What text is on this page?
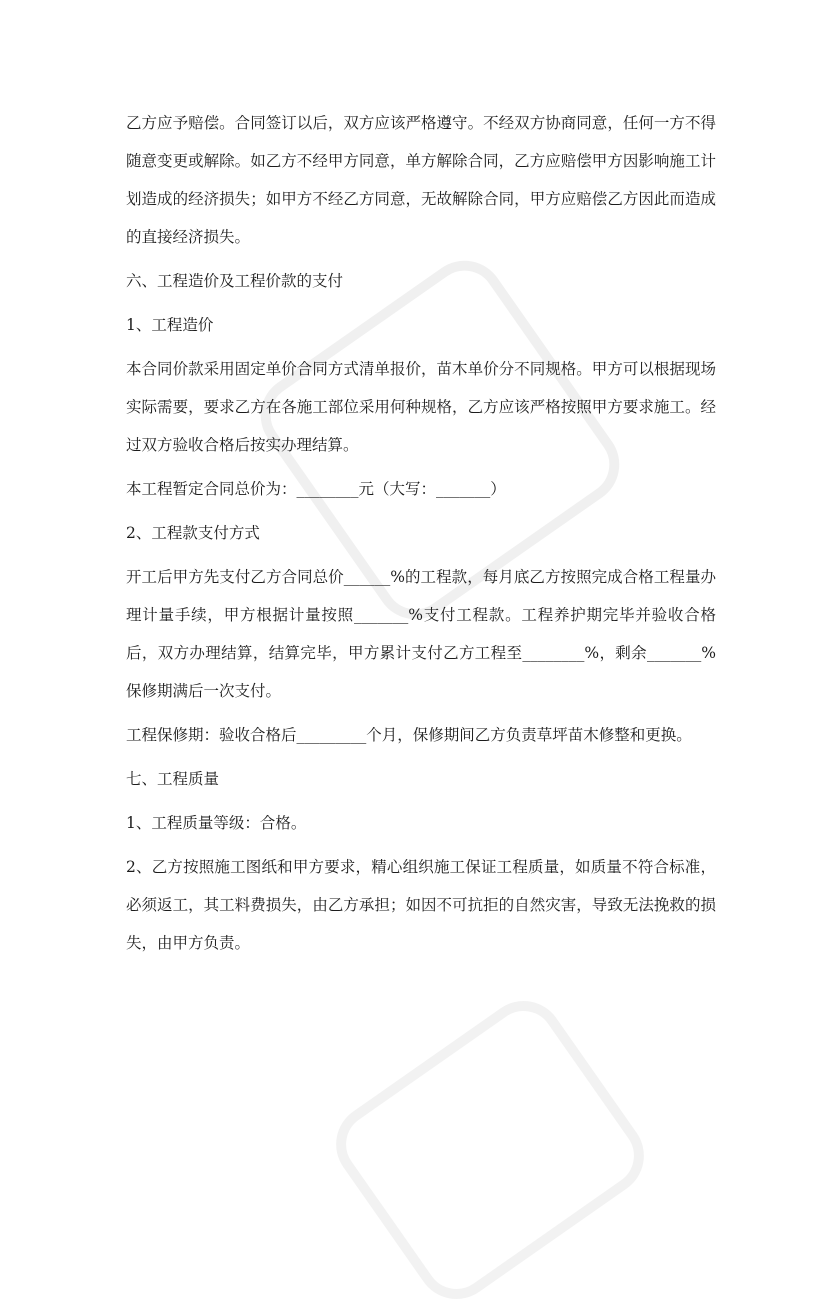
乙方应予赔偿。合同签订以后，双方应该严格遵守。不经双方协商同意，任何一方不得随意变更或解除。如乙方不经甲方同意，单方解除合同，乙方应赔偿甲方因影响施工计划造成的经济损失；如甲方不经乙方同意，无故解除合同，甲方应赔偿乙方因此而造成的直接经济损失。

六、工程造价及工程价款的支付

1、工程造价

本合同价款采用固定单价合同方式清单报价，苗木单价分不同规格。甲方可以根据现场实际需要，要求乙方在各施工部位采用何种规格，乙方应该严格按照甲方要求施工。经过双方验收合格后按实办理结算。

本工程暂定合同总价为：________元（大写：_______）

2、工程款支付方式

开工后甲方先支付乙方合同总价______%的工程款，每月底乙方按照完成合格工程量办理计量手续，甲方根据计量按照_______%支付工程款。工程养护期完毕并验收合格后，双方办理结算，结算完毕，甲方累计支付乙方工程至________%，剩余_______%保修期满后一次支付。

工程保修期：验收合格后_________个月，保修期间乙方负责草坪苗木修整和更换。

七、工程质量

1、工程质量等级：合格。

2、乙方按照施工图纸和甲方要求，精心组织施工保证工程质量，如质量不符合标准，必须返工，其工料费损失，由乙方承担；如因不可抗拒的自然灾害，导致无法挽救的损失，由甲方负责。
